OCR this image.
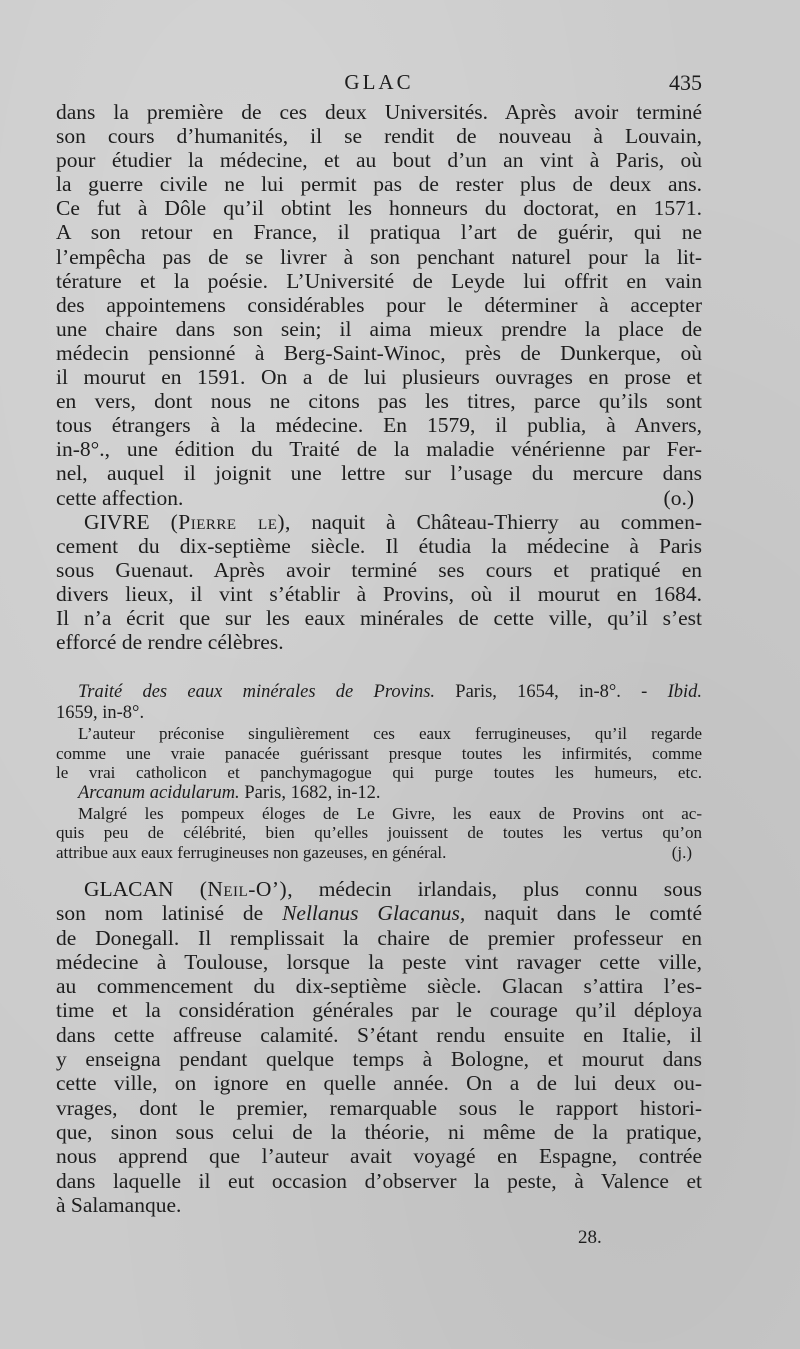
GLAC	435
dans la première de ces deux Universités. Après avoir terminé
son cours d’humanités, il se rendit de nouveau à Louvain,
pour étudier la médecine, et au bout d’un an vint à Paris, où
la guerre civile ne lui permit pas de rester plus de deux ans.
Ce fut à Dôle qu’il obtint les honneurs du doctorat, en 1571.
A son retour en France, il pratiqua l’art de guérir, qui ne
l’empêcha pas de se livrer à son penchant naturel pour la lit-
térature et la poésie. L’Université de Leyde lui offrit en vain
des appointemens considérables pour le déterminer à accepter
une chaire dans son sein; il aima mieux prendre la place de
médecin pensionné à Berg-Saint-Winoc, près de Dunkerque, où
il mourut en 1591. On a de lui plusieurs ouvrages en prose et
en vers, dont nous ne citons pas les titres, parce qu’ils sont
tous étrangers à la médecine. En 1579, il publia, à Anvers,
in-8°., une édition du Traité de la maladie vénérienne par Fer-
nel, auquel il joignit une lettre sur l’usage du mercure dans
cette affection.	(o.)
GIVRE (Pierre le), naquit à Château-Thierry au commen-
cement du dix-septième siècle. Il étudia la médecine à Paris
sous Guenaut. Après avoir terminé ses cours et pratiqué en
divers lieux, il vint s’établir à Provins, où il mourut en 1684.
Il n’a écrit que sur les eaux minérales de cette ville, qu’il s’est
efforcé de rendre célèbres.
Traité des eaux minérales de Provins. Paris, 1654, in-8°. - Ibid.
1659, in-8°.
L’auteur préconise singulièrement ces eaux ferrugineuses, qu’il regarde
comme une vraie panacée guérissant presque toutes les infirmités, comme
le vrai catholicon et panchymagogue qui purge toutes les humeurs, etc.
Arcanum acidularum. Paris, 1682, in-12.
Malgré les pompeux éloges de Le Givre, les eaux de Provins ont ac-
quis peu de célébrité, bien qu’elles jouissent de toutes les vertus qu’on
attribue aux eaux ferrugineuses non gazeuses, en général.	(j.)
GLACAN (Neil-O’), médecin irlandais, plus connu sous
son nom latinisé de Nellanus Glacanus, naquit dans le comté
de Donegall. Il remplissait la chaire de premier professeur en
médecine à Toulouse, lorsque la peste vint ravager cette ville,
au commencement du dix-septième siècle. Glacan s’attira l’es-
time et la considération générales par le courage qu’il déploya
dans cette affreuse calamité. S’étant rendu ensuite en Italie, il
y enseigna pendant quelque temps à Bologne, et mourut dans
cette ville, on ignore en quelle année. On a de lui deux ou-
vrages, dont le premier, remarquable sous le rapport histori-
que, sinon sous celui de la théorie, ni même de la pratique,
nous apprend que l’auteur avait voyagé en Espagne, contrée
dans laquelle il eut occasion d’observer la peste, à Valence et
à Salamanque.
28.
